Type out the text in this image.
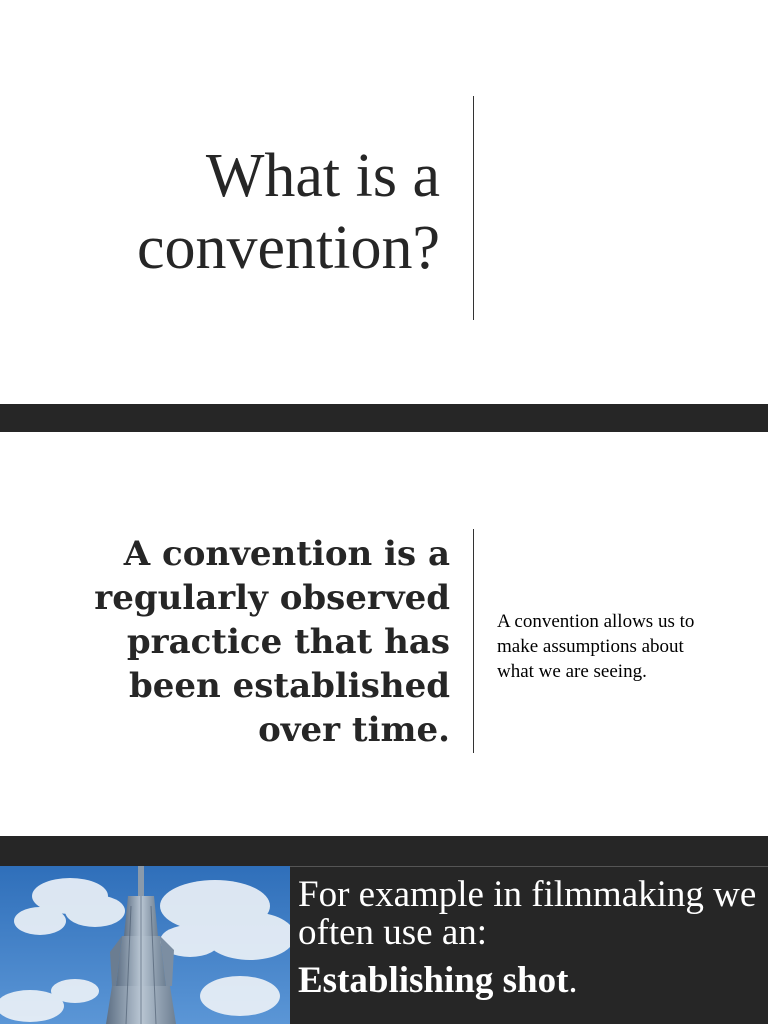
What is a
convention?
A convention is a
regularly observed
practice that has
been established
over time.

A convention allows us to make assumptions about what we are seeing.

For example in filmmaking we
often use an:
Establishing shot.
